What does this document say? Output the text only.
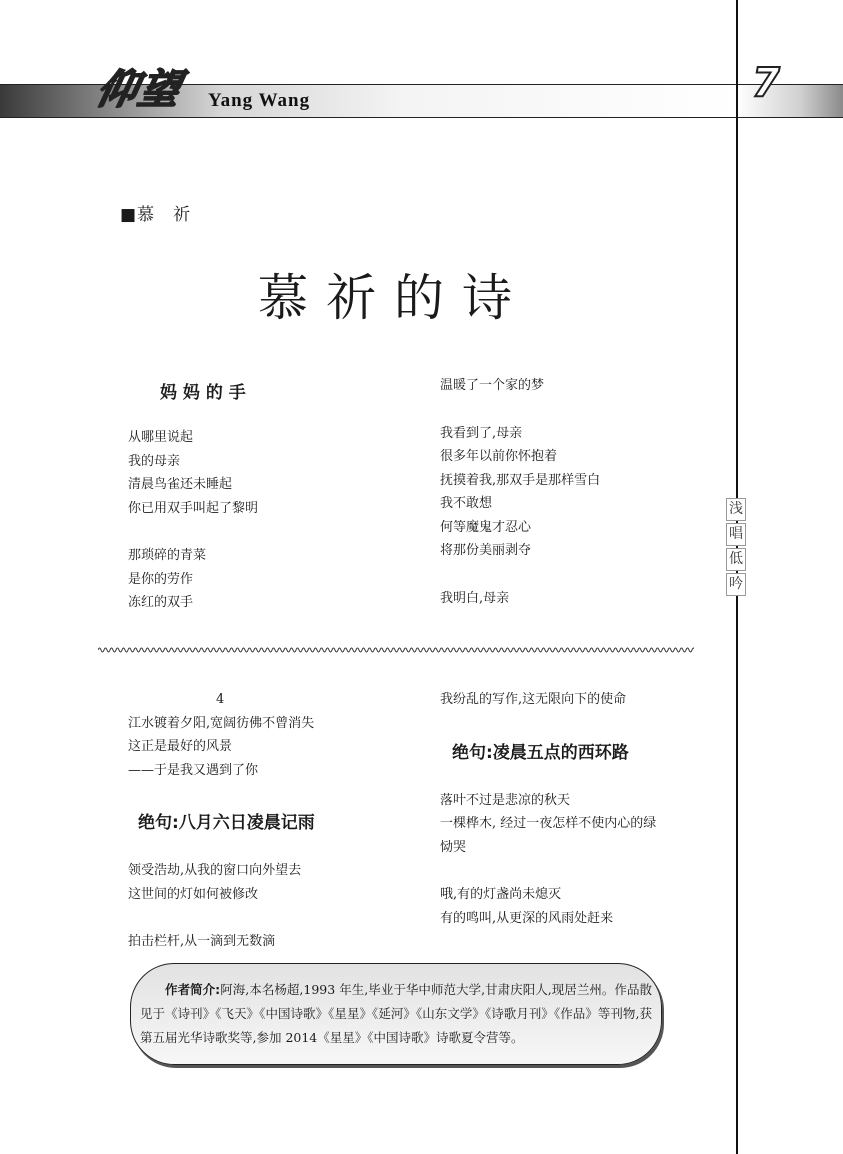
仰望 Yang Wang	7
■慕　祈
慕祈的诗
浅
唱
低
吟
妈 妈 的 手
从哪里说起
我的母亲
清晨鸟雀还未睡起
你已用双手叫起了黎明
那琐碎的青菜
是你的劳作
冻红的双手
温暖了一个家的梦
我看到了,母亲
很多年以前你怀抱着
抚摸着我,那双手是那样雪白
我不敢想
何等魔鬼才忍心
将那份美丽剥夺
我明白,母亲
4
江水镀着夕阳,宽阔彷佛不曾消失
这正是最好的风景
——于是我又遇到了你
绝句:八月六日凌晨记雨
领受浩劫,从我的窗口向外望去
这世间的灯如何被修改
拍击栏杆,从一滴到无数滴
我纷乱的写作,这无限向下的使命
绝句:凌晨五点的西环路
落叶不过是悲凉的秋天
一棵桦木, 经过一夜怎样不使内心的绿
恸哭
哦,有的灯盏尚未熄灭
有的鸣叫,从更深的风雨处赶来
  作者简介:阿海,本名杨超,1993 年生,毕业于华中师范大学,甘肃庆阳人,现居兰州。作品散见于《诗刊》《飞天》《中国诗歌》《星星》《延河》《山东文学》《诗歌月刊》《作品》等刊物,获第五届光华诗歌奖等,参加 2014《星星》《中国诗歌》诗歌夏令营等。
